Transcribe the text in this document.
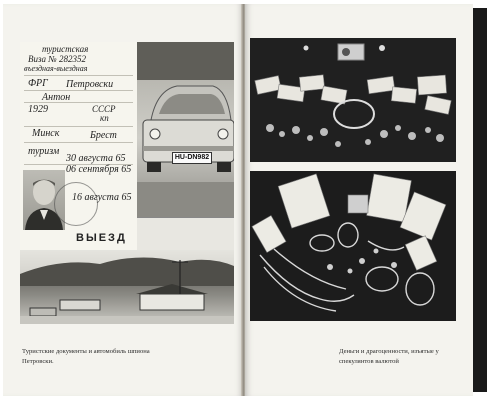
туристская
Виза № 282352
въездная-выездная
ФРГ Петровски
Антон
1929	СССР
кп
Минск	Брест
туризм
30 августа 65
06 сентября 65
16 августа 65
ВЫЕЗД
HU-DN982
Туристские документы и автомобиль шпиона Петровски.
Деньги и драгоценности, изъятые у спекулянтов валютой
